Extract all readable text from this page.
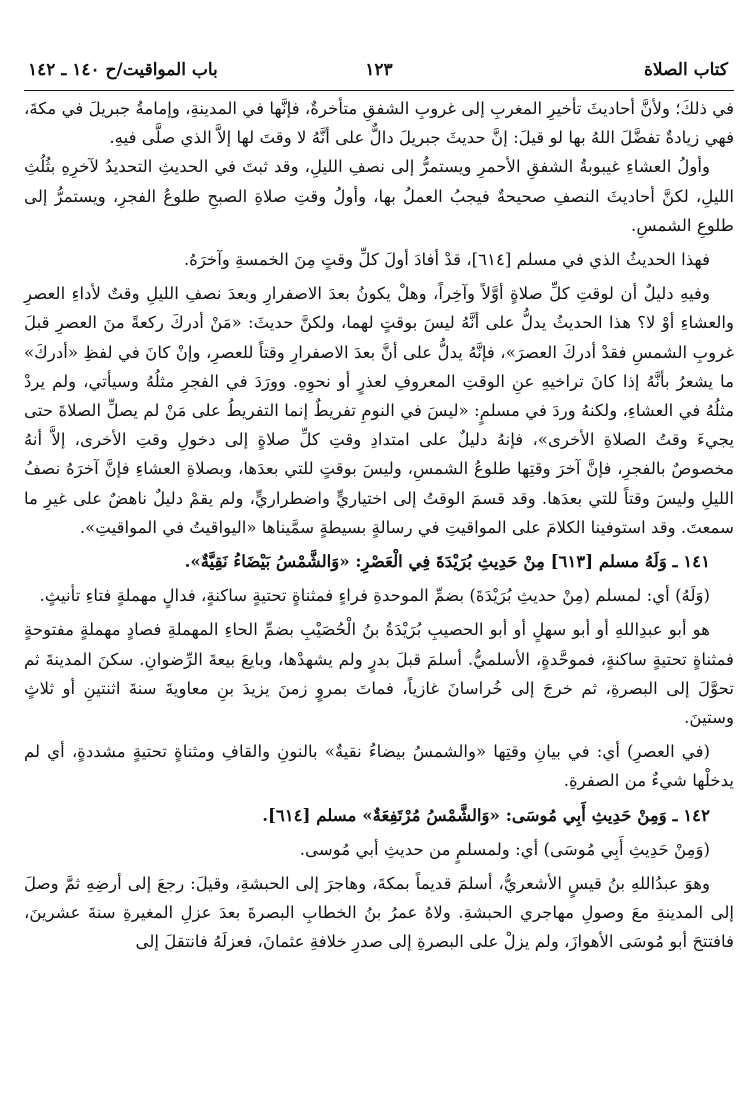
كتاب الصلاة
١٢٣
باب المواقيت/ح ١٤٠ ـ ١٤٢

في ذلكَ؛ ولأنَّ أحاديثَ تأخيرِ المغربِ إلى غروبِ الشفقِ متأخرةٌ، فإنَّها في المدينةِ، وإمامةُ جبريلَ في مكةَ، فهي زيادةٌ تفضَّلَ اللهُ بها لو قيلَ: إنَّ حديثَ جبريلَ دالٌّ على أنَّهُ لا وقتَ لها إلاَّ الذي صلَّى فيهِ.

وأولُ العشاءِ غيبوبةُ الشفقِ الأحمرِ ويستمرُّ إلى نصفِ الليلِ، وقد ثبتَ في الحديثِ التحديدُ لآخرِهِ بثُلُثِ الليلِ، لكنَّ أحاديثَ النصفِ صحيحةٌ فيجبُ العملُ بها، وأولُ وقتِ صلاةِ الصبحِ طلوعُ الفجرِ، ويستمرُّ إلى طلوعِ الشمسِ.

فهذا الحديثُ الذي في مسلم [٦١٤]، قدْ أفادَ أولَ كلِّ وقتٍ مِنَ الخمسةِ وآخرَهُ.

وفيهِ دليلٌ أن لوقتِ كلِّ صلاةٍ أوَّلاً وآخِراً، وهلْ يكونُ بعدَ الاصفرارِ وبعدَ نصفِ الليلِ وقتٌ لأداءِ العصرِ والعشاءِ أوْ لا؟ هذا الحديثُ يدلُّ على أنَّهُ ليسَ بوقتٍ لهما، ولكنَّ حديثَ: «مَنْ أدركَ ركعةً منَ العصرِ قبلَ غروبِ الشمسِ فقدْ أدركَ العصرَ»، فإنَّهُ يدلُّ على أنَّ بعدَ الاصفرارِ وقتاً للعصرِ، وإنْ كانَ في لفظِ «أدركَ» ما يشعرُ بأنَّهُ إذا كانَ تراخيهِ عنِ الوقتِ المعروفِ لعذرٍ أو نحوِهِ. وورَدَ في الفجرِ مثلُهُ وسيأتي، ولم يردْ مثلُهُ في العشاءِ، ولكنهُ وردَ في مسلمٍ: «ليسَ في النومِ تفريطٌ إنما التفريطُ على مَنْ لم يصلِّ الصلاةَ حتى يجيءَ وقتُ الصلاةِ الأخرى»، فإنهُ دليلٌ على امتدادِ وقتِ كلِّ صلاةٍ إلى دخولِ وقتِ الأخرى، إلاَّ أنهُ مخصوصٌ بالفجرِ، فإنَّ آخرَ وقتِها طلوعُ الشمسِ، وليسَ بوقتٍ للتي بعدَها، وبصلاةِ العشاءِ فإنَّ آخرَهُ نصفُ الليلِ وليسَ وقتاً للتي بعدَها. وقد قسمَ الوقتُ إلى اختياريٍّ واضطراريٍّ، ولم يقمْ دليلٌ ناهضٌ على غيرِ ما سمعتَ. وقد استوفينا الكلامَ على المواقيتِ في رسالةٍ بسيطةٍ سمَّيناها «اليواقيتُ في المواقيتِ».

١٤١ ـ وَلَهُ مسلم [٦١٣] مِنْ حَدِيثِ بُرَيْدَةَ فِي الْعَصْرِ: «وَالشَّمْسُ بَيْضَاءُ نَقِيَّةٌ».

(وَلَهُ) أي: لمسلم (مِنْ حديثِ بُرَيْدَةَ) بضمِّ الموحدةِ فراءٍ فمثناةٍ تحتيةٍ ساكنةٍ، فدالٍ مهملةٍ فتاءِ تأنيثٍ.

هو أبو عبدِاللهِ أو أبو سهلٍ أو أبو الحصيبِ بُرَيْدَةُ بنُ الْحُصَيْبِ بضمِّ الحاءِ المهملةِ فصادٍ مهملةٍ مفتوحةٍ فمثناةٍ تحتيةٍ ساكنةٍ، فموحَّدةٍ، الأسلميُّ. أسلمَ قبلَ بدرٍ ولم يشهدْها، وبايعَ بيعةَ الرِّضوانِ. سكنَ المدينةَ ثم تحوَّلَ إلى البصرةِ، ثم خرجَ إلى خُراسانَ غازياً، فماتَ بمروٍ زمنَ يزيدَ بنِ معاويةَ سنةَ اثنتينِ أو ثلاثٍ وستينَ.

(في العصرِ) أي: في بيانِ وقتِها «والشمسُ بيضاءُ نقيةٌ» بالنونِ والقافِ ومثناةٍ تحتيةٍ مشددةٍ، أي لم يدخلْها شيءٌ من الصفرةِ.

١٤٢ ـ وَمِنْ حَدِيثِ أَبِي مُوسَى: «وَالشَّمْسُ مُرْتَفِعَةٌ» مسلم [٦١٤].

(وَمِنْ حَدِيثِ أَبِي مُوسَى) أي: ولمسلمٍ من حديثِ أبي مُوسى.

وهوَ عبدُاللهِ بنُ قيسٍ الأشعريُّ، أسلمَ قديماً بمكةَ، وهاجرَ إلى الحبشةِ، وقيلَ: رجعَ إلى أرضِهِ ثمَّ وصلَ إلى المدينةِ معَ وصولِ مهاجري الحبشةِ. ولاهُ عمرُ بنُ الخطابِ البصرةَ بعدَ عزلِ المغيرةِ سنةَ عشرينَ، فافتتحَ أبو مُوسَى الأهوازَ، ولم يزلْ على البصرةِ إلى صدرِ خلافةِ عثمانَ، فعزلَهُ فانتقلَ إلى
